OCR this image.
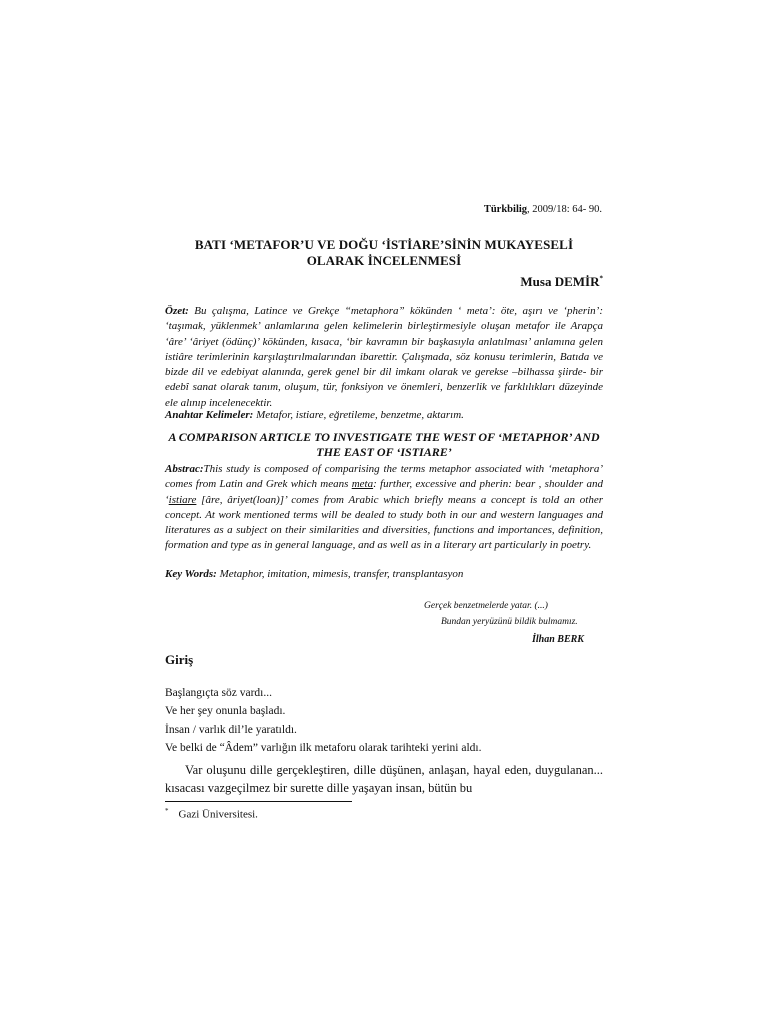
Türkbilig, 2009/18: 64- 90.
BATI ‘METAFOR’U VE DOĞU ‘İSTİARE’SİNİN MUKAYESELİ OLARAK İNCELENMESİ
Musa DEMİR*
Özet: Bu çalışma, Latince ve Grekçe “metaphora” kökünden ‘ meta’: öte, aşırı ve ‘pherin’: ‘taşımak, yüklenmek’ anlamlarına gelen kelimelerin birleştirmesiyle oluşan metafor ile Arapça ‘âre’ ‘âriyet (ödünç)’ kökünden, kısaca, ‘bir kavramın bir başkasıyla anlatılması’ anlamına gelen istiâre terimlerinin karşılaştırılmalarından ibarettir. Çalışmada, söz konusu terimlerin, Batıda ve bizde dil ve edebiyat alanında, gerek genel bir dil imkanı olarak ve gerekse –bilhassa şiirde- bir edebî sanat olarak tanım, oluşum, tür, fonksiyon ve önemleri, benzerlik ve farklılıkları düzeyinde ele alınıp incelenecektir.
Anahtar Kelimeler: Metafor, istiare, eğretileme, benzetme, aktarım.
A COMPARISON ARTICLE TO INVESTIGATE THE WEST OF ‘METAPHOR’ AND THE EAST OF ‘ISTIARE’
Abstrac:This study is composed of comparising the terms metaphor associated with ‘metaphora’ comes from Latin and Grek which means meta: further, excessive and pherin: bear , shoulder and ‘istiare [âre, âriyet(loan)]’ comes from Arabic which briefly means a concept is told an other concept. At work mentioned terms will be dealed to study both in our and western languages and literatures as a subject on their similarities and diversities, functions and importances, definition, formation and type as in general language, and as well as in a literary art particularly in poetry.
Key Words: Metaphor, imitation, mimesis, transfer, transplantasyon
Gerçek benzetmelerde yatar. (...)
Bundan yeryüzünü bildik bulmamız.
İlhan BERK
Giriş
Başlangıçta söz vardı...
Ve her şey onunla başladı.
İnsan / varlık dil’le yaratıldı.
Ve belki de “Âdem” varlığın ilk metaforu olarak tarihteki yerini aldı.
Var oluşunu dille gerçekleştiren, dille düşünen, anlaşan, hayal eden, duygulanan... kısacası vazgeçilmez bir surette dille yaşayan insan, bütün bu
* Gazi Üniversitesi.
